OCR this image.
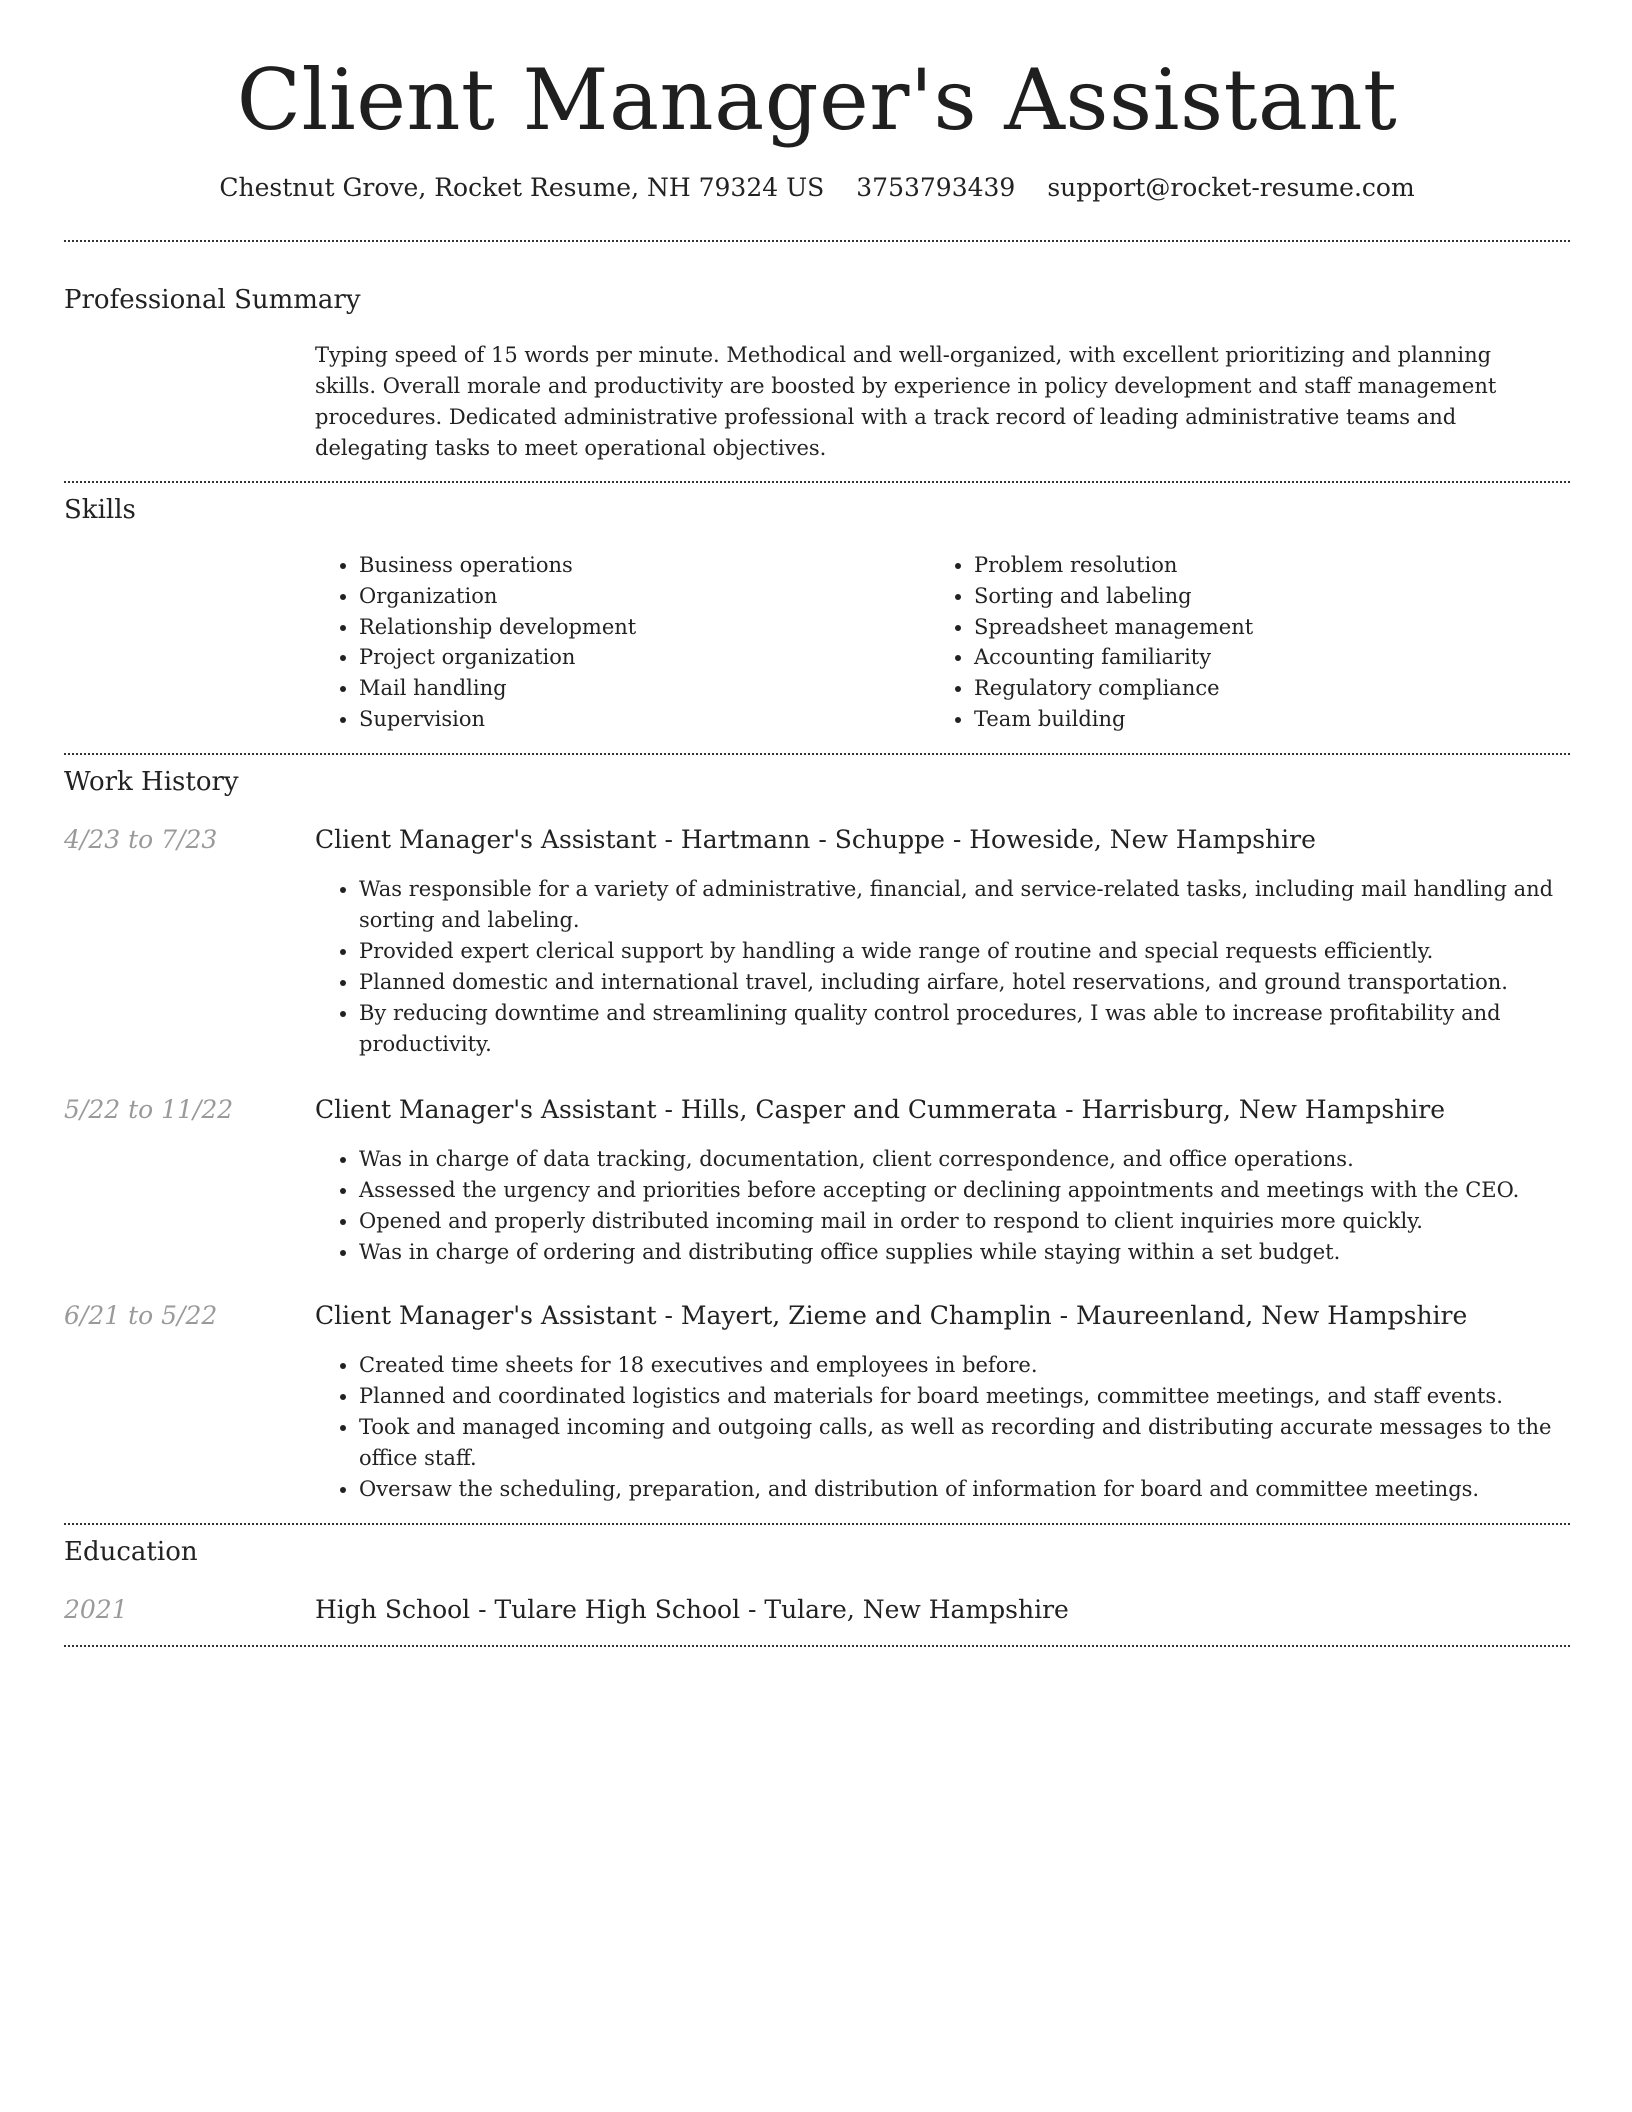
Client Manager's Assistant
Chestnut Grove, Rocket Resume, NH 79324 US 3753793439 support@rocket-resume.com
Professional Summary
Typing speed of 15 words per minute. Methodical and well-organized, with excellent prioritizing and planning skills. Overall morale and productivity are boosted by experience in policy development and staff management procedures. Dedicated administrative professional with a track record of leading administrative teams and delegating tasks to meet operational objectives.
Skills
• Business operations
• Organization
• Relationship development
• Project organization
• Mail handling
• Supervision
• Problem resolution
• Sorting and labeling
• Spreadsheet management
• Accounting familiarity
• Regulatory compliance
• Team building
Work History
4/23 to 7/23	Client Manager's Assistant - Hartmann - Schuppe - Howeside, New Hampshire
• Was responsible for a variety of administrative, financial, and service-related tasks, including mail handling and sorting and labeling.
• Provided expert clerical support by handling a wide range of routine and special requests efficiently.
• Planned domestic and international travel, including airfare, hotel reservations, and ground transportation.
• By reducing downtime and streamlining quality control procedures, I was able to increase profitability and productivity.
5/22 to 11/22	Client Manager's Assistant - Hills, Casper and Cummerata - Harrisburg, New Hampshire
• Was in charge of data tracking, documentation, client correspondence, and office operations.
• Assessed the urgency and priorities before accepting or declining appointments and meetings with the CEO.
• Opened and properly distributed incoming mail in order to respond to client inquiries more quickly.
• Was in charge of ordering and distributing office supplies while staying within a set budget.
6/21 to 5/22	Client Manager's Assistant - Mayert, Zieme and Champlin - Maureenland, New Hampshire
• Created time sheets for 18 executives and employees in before.
• Planned and coordinated logistics and materials for board meetings, committee meetings, and staff events.
• Took and managed incoming and outgoing calls, as well as recording and distributing accurate messages to the office staff.
• Oversaw the scheduling, preparation, and distribution of information for board and committee meetings.
Education
2021	High School - Tulare High School - Tulare, New Hampshire
